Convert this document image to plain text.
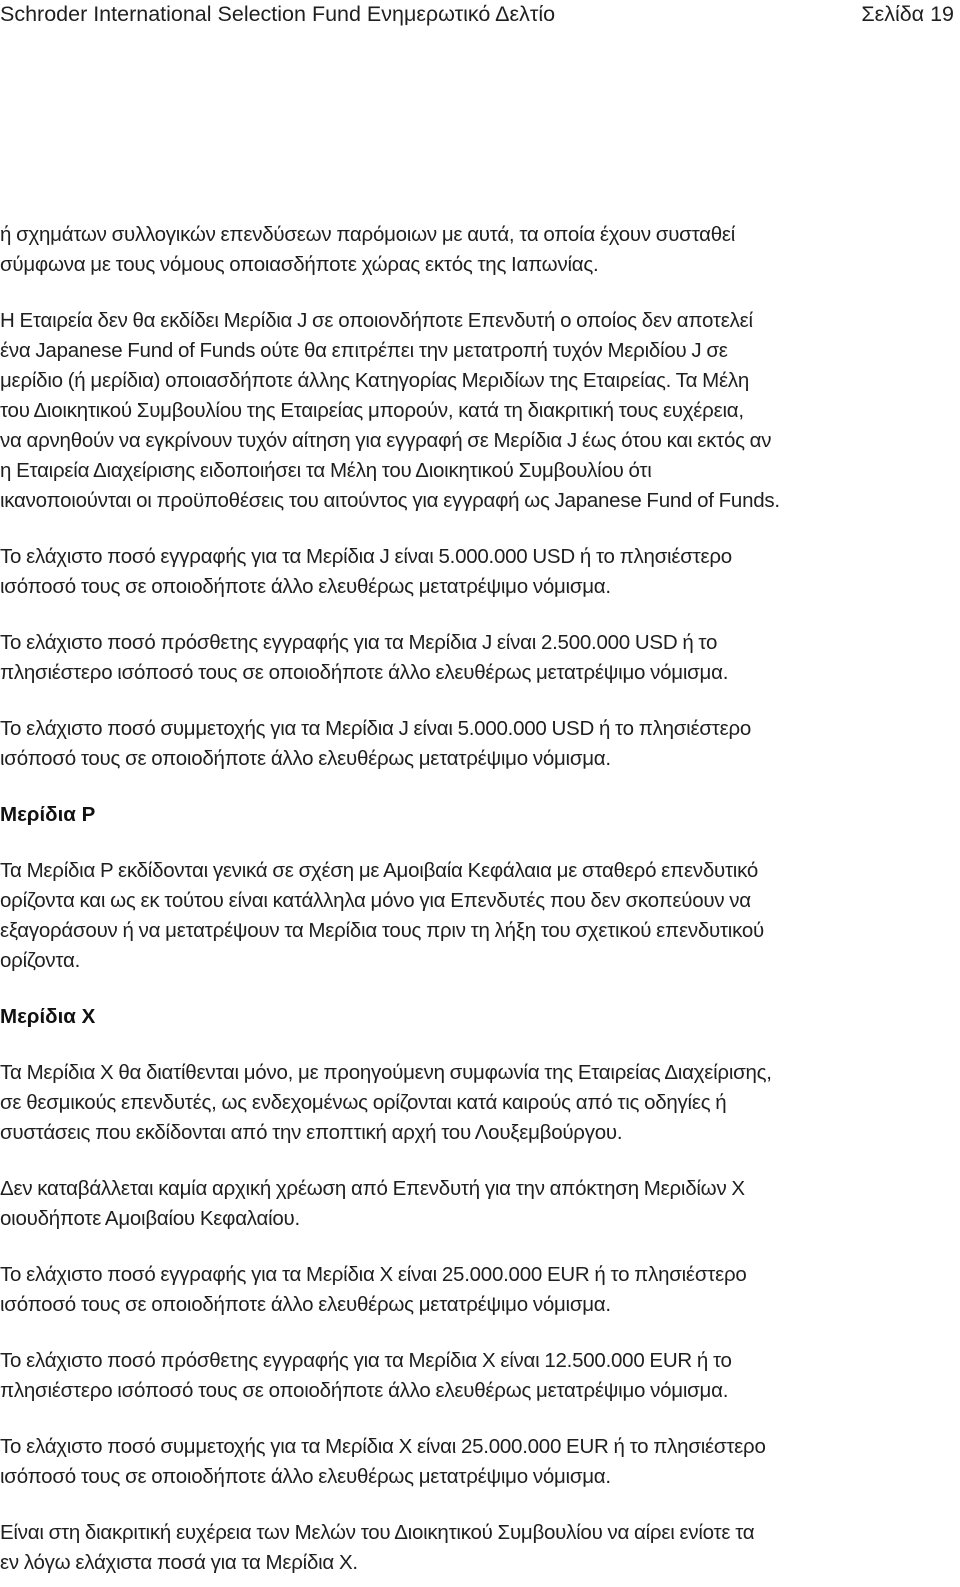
Schroder International Selection Fund Ενημερωτικό Δελτίο	Σελίδα 19

ή σχημάτων συλλογικών επενδύσεων παρόμοιων με αυτά, τα οποία έχουν συσταθεί
σύμφωνα με τους νόμους οποιασδήποτε χώρας εκτός της Ιαπωνίας.

Η Εταιρεία δεν θα εκδίδει Μερίδια J σε οποιονδήποτε Επενδυτή ο οποίος δεν αποτελεί
ένα Japanese Fund of Funds ούτε θα επιτρέπει την μετατροπή τυχόν Μεριδίου J σε
μερίδιο (ή μερίδια) οποιασδήποτε άλλης Κατηγορίας Μεριδίων της Εταιρείας. Τα Μέλη
του Διοικητικού Συμβουλίου της Εταιρείας μπορούν, κατά τη διακριτική τους ευχέρεια,
να αρνηθούν να εγκρίνουν τυχόν αίτηση για εγγραφή σε Μερίδια J έως ότου και εκτός αν
η Εταιρεία Διαχείρισης ειδοποιήσει τα Μέλη του Διοικητικού Συμβουλίου ότι
ικανοποιούνται οι προϋποθέσεις του αιτούντος για εγγραφή ως Japanese Fund of Funds.

Το ελάχιστο ποσό εγγραφής για τα Μερίδια J είναι 5.000.000 USD ή το πλησιέστερο
ισόποσό τους σε οποιοδήποτε άλλο ελευθέρως μετατρέψιμο νόμισμα.

Το ελάχιστο ποσό πρόσθετης εγγραφής για τα Μερίδια J είναι 2.500.000 USD ή το
πλησιέστερο ισόποσό τους σε οποιοδήποτε άλλο ελευθέρως μετατρέψιμο νόμισμα.

Το ελάχιστο ποσό συμμετοχής για τα Μερίδια J είναι 5.000.000 USD ή το πλησιέστερο
ισόποσό τους σε οποιοδήποτε άλλο ελευθέρως μετατρέψιμο νόμισμα.

Μερίδια P

Τα Μερίδια P εκδίδονται γενικά σε σχέση με Αμοιβαία Κεφάλαια με σταθερό επενδυτικό
ορίζοντα και ως εκ τούτου είναι κατάλληλα μόνο για Επενδυτές που δεν σκοπεύουν να
εξαγοράσουν ή να μετατρέψουν τα Μερίδια τους πριν τη λήξη του σχετικού επενδυτικού
ορίζοντα.

Μερίδια X

Τα Μερίδια X θα διατίθενται μόνο, με προηγούμενη συμφωνία της Εταιρείας Διαχείρισης,
σε θεσμικούς επενδυτές, ως ενδεχομένως ορίζονται κατά καιρούς από τις οδηγίες ή
συστάσεις που εκδίδονται από την εποπτική αρχή του Λουξεμβούργου.

Δεν καταβάλλεται καμία αρχική χρέωση από Επενδυτή για την απόκτηση Μεριδίων X
οιουδήποτε Αμοιβαίου Κεφαλαίου.

Το ελάχιστο ποσό εγγραφής για τα Μερίδια X είναι 25.000.000 EUR ή το πλησιέστερο
ισόποσό τους σε οποιοδήποτε άλλο ελευθέρως μετατρέψιμο νόμισμα.

Το ελάχιστο ποσό πρόσθετης εγγραφής για τα Μερίδια X είναι 12.500.000 EUR ή το
πλησιέστερο ισόποσό τους σε οποιοδήποτε άλλο ελευθέρως μετατρέψιμο νόμισμα.

Το ελάχιστο ποσό συμμετοχής για τα Μερίδια X είναι 25.000.000 EUR ή το πλησιέστερο
ισόποσό τους σε οποιοδήποτε άλλο ελευθέρως μετατρέψιμο νόμισμα.

Είναι στη διακριτική ευχέρεια των Μελών του Διοικητικού Συμβουλίου να αίρει ενίοτε τα
εν λόγω ελάχιστα ποσά για τα Μερίδια X.
